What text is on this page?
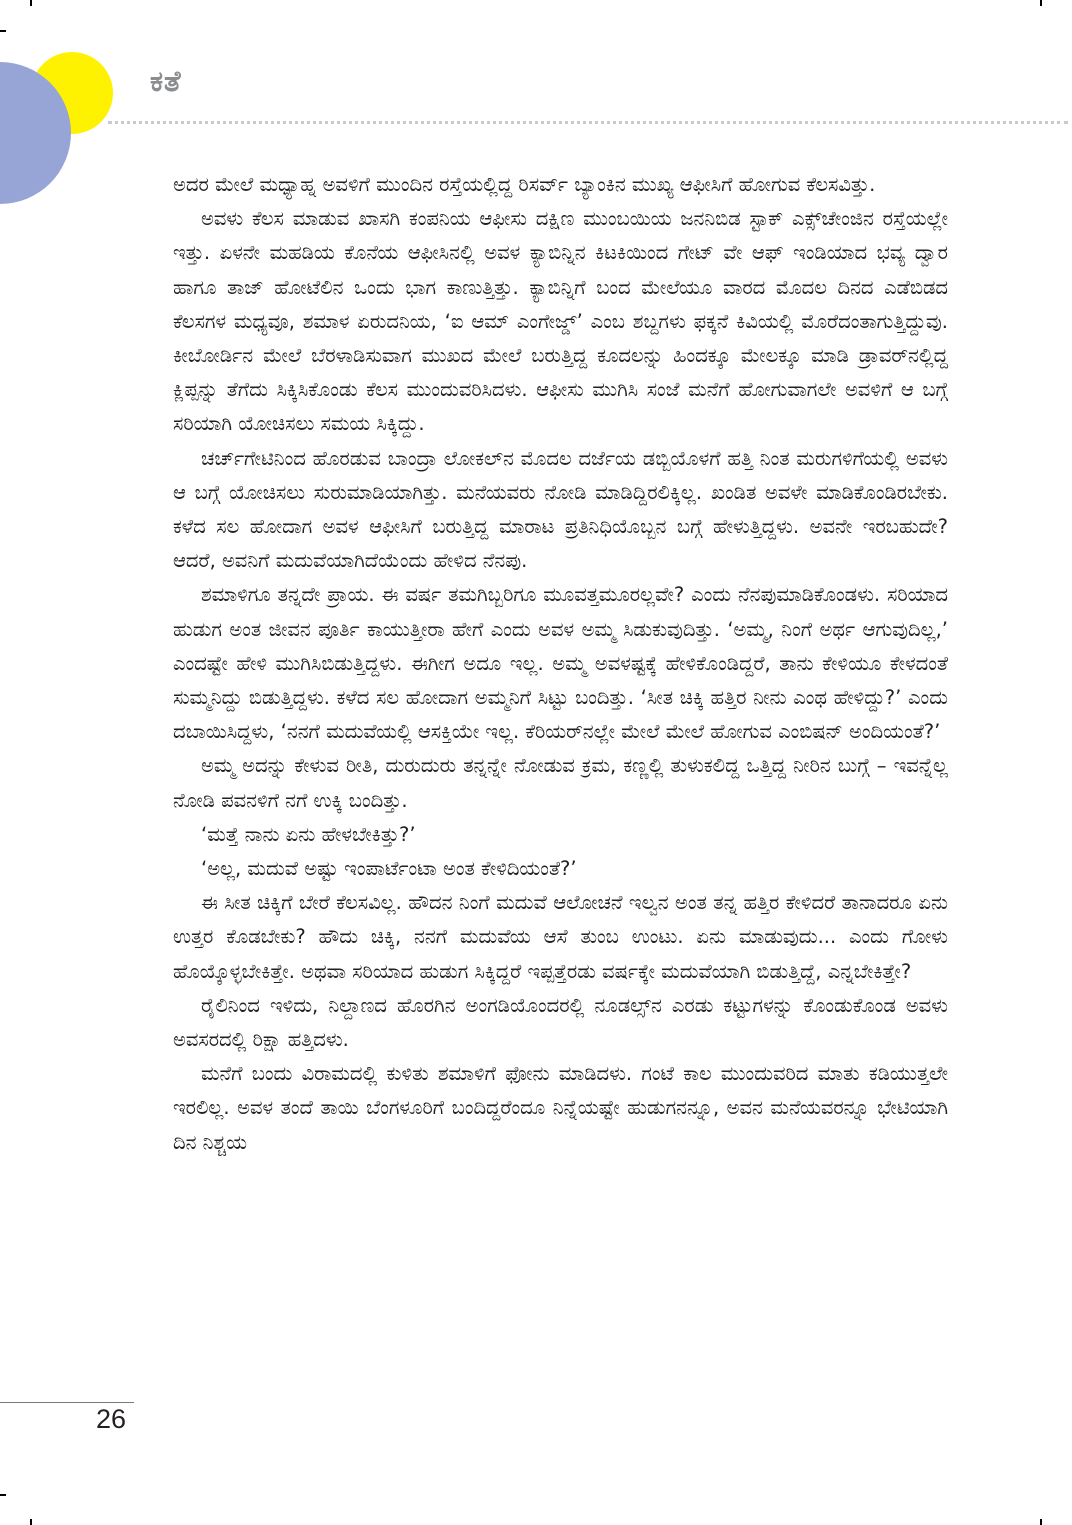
ಕತೆ

ಅದರ ಮೇಲೆ ಮಧ್ಯಾಹ್ನ ಅವಳಿಗೆ ಮುಂದಿನ ರಸ್ತೆಯಲ್ಲಿದ್ದ ರಿಸರ್ವ್ ಬ್ಯಾಂಕಿನ ಮುಖ್ಯ ಆಫೀಸಿಗೆ ಹೋಗುವ ಕೆಲಸವಿತ್ತು.

ಅವಳು ಕೆಲಸ ಮಾಡುವ ಖಾಸಗಿ ಕಂಪನಿಯ ಆಫೀಸು ದಕ್ಷಿಣ ಮುಂಬಯಿಯ ಜನನಿಬಿಡ ಸ್ಟಾಕ್ ಎಕ್ಸ್‌ಚೇಂಜಿನ ರಸ್ತೆಯಲ್ಲೇ ಇತ್ತು. ಏಳನೇ ಮಹಡಿಯ ಕೊನೆಯ ಆಫೀಸಿನಲ್ಲಿ ಅವಳ ಕ್ಯಾಬಿನ್ನಿನ ಕಿಟಕಿಯಿಂದ ಗೇಟ್ ವೇ ಆಫ್ ಇಂಡಿಯಾದ ಭವ್ಯ ದ್ವಾರ ಹಾಗೂ ತಾಜ್ ಹೋಟೆಲಿನ ಒಂದು ಭಾಗ ಕಾಣುತ್ತಿತ್ತು. ಕ್ಯಾಬಿನ್ನಿಗೆ ಬಂದ ಮೇಲೆಯೂ ವಾರದ ಮೊದಲ ದಿನದ ಎಡೆಬಿಡದ ಕೆಲಸಗಳ ಮಧ್ಯವೂ, ಶಮಾಳ ಏರುದನಿಯ, ‘ಐ ಆಮ್ ಎಂಗೇಜ್ಡ್’ ಎಂಬ ಶಬ್ದಗಳು ಫಕ್ಕನೆ ಕಿವಿಯಲ್ಲಿ ಮೊರೆದಂತಾಗುತ್ತಿದ್ದುವು. ಕೀಬೋರ್ಡಿನ ಮೇಲೆ ಬೆರಳಾಡಿಸುವಾಗ ಮುಖದ ಮೇಲೆ ಬರುತ್ತಿದ್ದ ಕೂದಲನ್ನು ಹಿಂದಕ್ಕೂ ಮೇಲಕ್ಕೂ ಮಾಡಿ ಡ್ರಾವರ್‌ನಲ್ಲಿದ್ದ ಕ್ಲಿಪ್ಪನ್ನು ತೆಗೆದು ಸಿಕ್ಕಿಸಿಕೊಂಡು ಕೆಲಸ ಮುಂದುವರಿಸಿದಳು. ಆಫೀಸು ಮುಗಿಸಿ ಸಂಜೆ ಮನೆಗೆ ಹೋಗುವಾಗಲೇ ಅವಳಿಗೆ ಆ ಬಗ್ಗೆ ಸರಿಯಾಗಿ ಯೋಚಿಸಲು ಸಮಯ ಸಿಕ್ಕಿದ್ದು.

ಚರ್ಚ್‌ಗೇಟಿನಿಂದ ಹೊರಡುವ ಬಾಂದ್ರಾ ಲೋಕಲ್‌ನ ಮೊದಲ ದರ್ಜೆಯ ಡಬ್ಬಿಯೊಳಗೆ ಹತ್ತಿ ನಿಂತ ಮರುಗಳಿಗೆಯಲ್ಲಿ ಅವಳು ಆ ಬಗ್ಗೆ ಯೋಚಿಸಲು ಸುರುಮಾಡಿಯಾಗಿತ್ತು. ಮನೆಯವರು ನೋಡಿ ಮಾಡಿದ್ದಿರಲಿಕ್ಕಿಲ್ಲ. ಖಂಡಿತ ಅವಳೇ ಮಾಡಿಕೊಂಡಿರಬೇಕು. ಕಳೆದ ಸಲ ಹೋದಾಗ ಅವಳ ಆಫೀಸಿಗೆ ಬರುತ್ತಿದ್ದ ಮಾರಾಟ ಪ್ರತಿನಿಧಿಯೊಬ್ಬನ ಬಗ್ಗೆ ಹೇಳುತ್ತಿದ್ದಳು. ಅವನೇ ಇರಬಹುದೇ? ಆದರೆ, ಅವನಿಗೆ ಮದುವೆಯಾಗಿದೆಯೆಂದು ಹೇಳಿದ ನೆನಪು.

ಶಮಾಳಿಗೂ ತನ್ನದೇ ಪ್ರಾಯ. ಈ ವರ್ಷ ತಮಗಿಬ್ಬರಿಗೂ ಮೂವತ್ತಮೂರಲ್ಲವೇ? ಎಂದು ನೆನಪುಮಾಡಿಕೊಂಡಳು. ಸರಿಯಾದ ಹುಡುಗ ಅಂತ ಜೀವನ ಪೂರ್ತಿ ಕಾಯುತ್ತೀರಾ ಹೇಗೆ ಎಂದು ಅವಳ ಅಮ್ಮ ಸಿಡುಕುವುದಿತ್ತು. ‘ಅಮ್ಮ, ನಿಂಗೆ ಅರ್ಥ ಆಗುವುದಿಲ್ಲ,’ ಎಂದಷ್ಟೇ ಹೇಳಿ ಮುಗಿಸಿಬಿಡುತ್ತಿದ್ದಳು. ಈಗೀಗ ಅದೂ ಇಲ್ಲ. ಅಮ್ಮ ಅವಳಷ್ಟಕ್ಕೆ ಹೇಳಿಕೊಂಡಿದ್ದರೆ, ತಾನು ಕೇಳಿಯೂ ಕೇಳದಂತೆ ಸುಮ್ಮನಿದ್ದು ಬಿಡುತ್ತಿದ್ದಳು. ಕಳೆದ ಸಲ ಹೋದಾಗ ಅಮ್ಮನಿಗೆ ಸಿಟ್ಟು ಬಂದಿತ್ತು. ‘ಸೀತ ಚಿಕ್ಕಿ ಹತ್ತಿರ ನೀನು ಎಂಥ ಹೇಳಿದ್ದು?’ ಎಂದು ದಬಾಯಿಸಿದ್ದಳು, ‘ನನಗೆ ಮದುವೆಯಲ್ಲಿ ಆಸಕ್ತಿಯೇ ಇಲ್ಲ. ಕೆರಿಯರ್‌ನಲ್ಲೇ ಮೇಲೆ ಮೇಲೆ ಹೋಗುವ ಎಂಬಿಷನ್ ಅಂದಿಯಂತೆ?’

ಅಮ್ಮ ಅದನ್ನು ಕೇಳುವ ರೀತಿ, ದುರುದುರು ತನ್ನನ್ನೇ ನೋಡುವ ಕ್ರಮ, ಕಣ್ಣಲ್ಲಿ ತುಳುಕಲಿದ್ದ ಒತ್ತಿದ್ದ ನೀರಿನ ಬುಗ್ಗೆ – ಇವನ್ನೆಲ್ಲ ನೋಡಿ ಪವನಳಿಗೆ ನಗೆ ಉಕ್ಕಿ ಬಂದಿತ್ತು.

‘ಮತ್ತೆ ನಾನು ಏನು ಹೇಳಬೇಕಿತ್ತು?’

‘ಅಲ್ಲ, ಮದುವೆ ಅಷ್ಟು ಇಂಪಾರ್ಟೆಂಟಾ ಅಂತ ಕೇಳಿದಿಯಂತೆ?’

ಈ ಸೀತ ಚಿಕ್ಕಿಗೆ ಬೇರೆ ಕೆಲಸವಿಲ್ಲ. ಹೌದನ ನಿಂಗೆ ಮದುವೆ ಆಲೋಚನೆ ಇಲ್ವನ ಅಂತ ತನ್ನ ಹತ್ತಿರ ಕೇಳಿದರೆ ತಾನಾದರೂ ಏನು ಉತ್ತರ ಕೊಡಬೇಕು? ಹೌದು ಚಿಕ್ಕಿ, ನನಗೆ ಮದುವೆಯ ಆಸೆ ತುಂಬ ಉಂಟು. ಏನು ಮಾಡುವುದು... ಎಂದು ಗೋಳು ಹೊಯ್ಕೊಳ್ಳಬೇಕಿತ್ತೇ. ಅಥವಾ ಸರಿಯಾದ ಹುಡುಗ ಸಿಕ್ಕಿದ್ದರೆ ಇಪ್ಪತ್ತೆರಡು ವರ್ಷಕ್ಕೇ ಮದುವೆಯಾಗಿ ಬಿಡುತ್ತಿದ್ದೆ, ಎನ್ನಬೇಕಿತ್ತೇ?

ರೈಲಿನಿಂದ ಇಳಿದು, ನಿಲ್ದಾಣದ ಹೊರಗಿನ ಅಂಗಡಿಯೊಂದರಲ್ಲಿ ನೂಡಲ್ಸ್‌ನ ಎರಡು ಕಟ್ಟುಗಳನ್ನು ಕೊಂಡುಕೊಂಡ ಅವಳು ಅವಸರದಲ್ಲಿ ರಿಕ್ಷಾ ಹತ್ತಿದಳು.

ಮನೆಗೆ ಬಂದು ವಿರಾಮದಲ್ಲಿ ಕುಳಿತು ಶಮಾಳಿಗೆ ಫೋನು ಮಾಡಿದಳು. ಗಂಟೆ ಕಾಲ ಮುಂದುವರಿದ ಮಾತು ಕಡಿಯುತ್ತಲೇ ಇರಲಿಲ್ಲ. ಅವಳ ತಂದೆ ತಾಯಿ ಬೆಂಗಳೂರಿಗೆ ಬಂದಿದ್ದರೆಂದೂ ನಿನ್ನೆಯಷ್ಟೇ ಹುಡುಗನನ್ನೂ, ಅವನ ಮನೆಯವರನ್ನೂ ಭೇಟಿಯಾಗಿ ದಿನ ನಿಶ್ಚಯ

26
